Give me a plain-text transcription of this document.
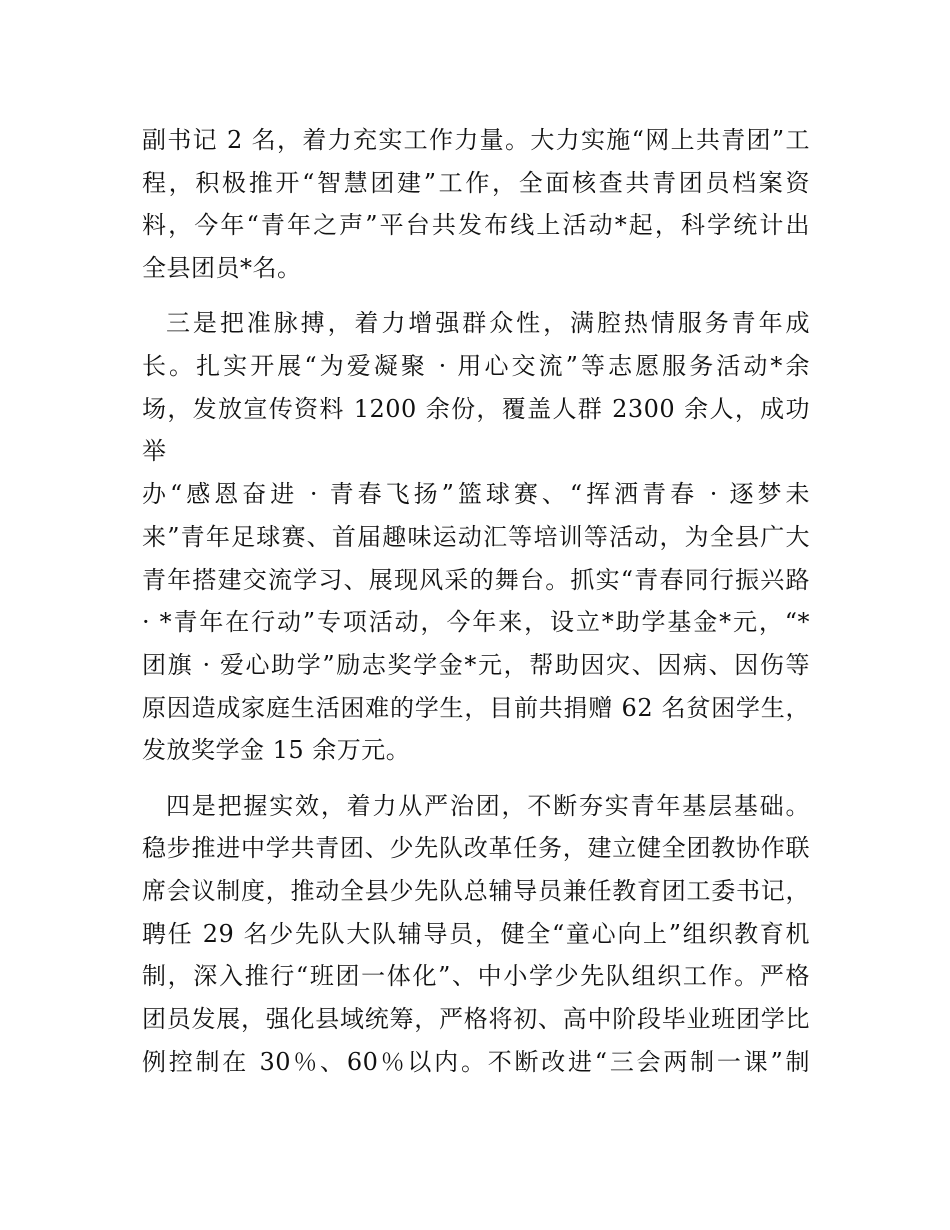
副书记 2 名，着力充实工作力量。大力实施“网上共青团”工
程，积极推开“智慧团建”工作，全面核查共青团员档案资
料，今年“青年之声”平台共发布线上活动*起，科学统计出
全县团员*名。
三是把准脉搏，着力增强群众性，满腔热情服务青年成
长。扎实开展“为爱凝聚 · 用心交流”等志愿服务活动*余
场，发放宣传资料 1200 余份，覆盖人群 2300 余人，成功举
办“感恩奋进 · 青春飞扬”篮球赛、“挥洒青春 · 逐梦未
来”青年足球赛、首届趣味运动汇等培训等活动，为全县广大
青年搭建交流学习、展现风采的舞台。抓实“青春同行振兴路
· *青年在行动”专项活动，今年来，设立*助学基金*元，“*
团旗 · 爱心助学”励志奖学金*元，帮助因灾、因病、因伤等
原因造成家庭生活困难的学生，目前共捐赠 62 名贫困学生，
发放奖学金 15 余万元。
四是把握实效，着力从严治团，不断夯实青年基层基础。
稳步推进中学共青团、少先队改革任务，建立健全团教协作联
席会议制度，推动全县少先队总辅导员兼任教育团工委书记，
聘任 29 名少先队大队辅导员，健全“童心向上”组织教育机
制，深入推行“班团一体化”、中小学少先队组织工作。严格
团员发展，强化县域统筹，严格将初、高中阶段毕业班团学比
例控制在 30％、60％以内。不断改进“三会两制一课”制
